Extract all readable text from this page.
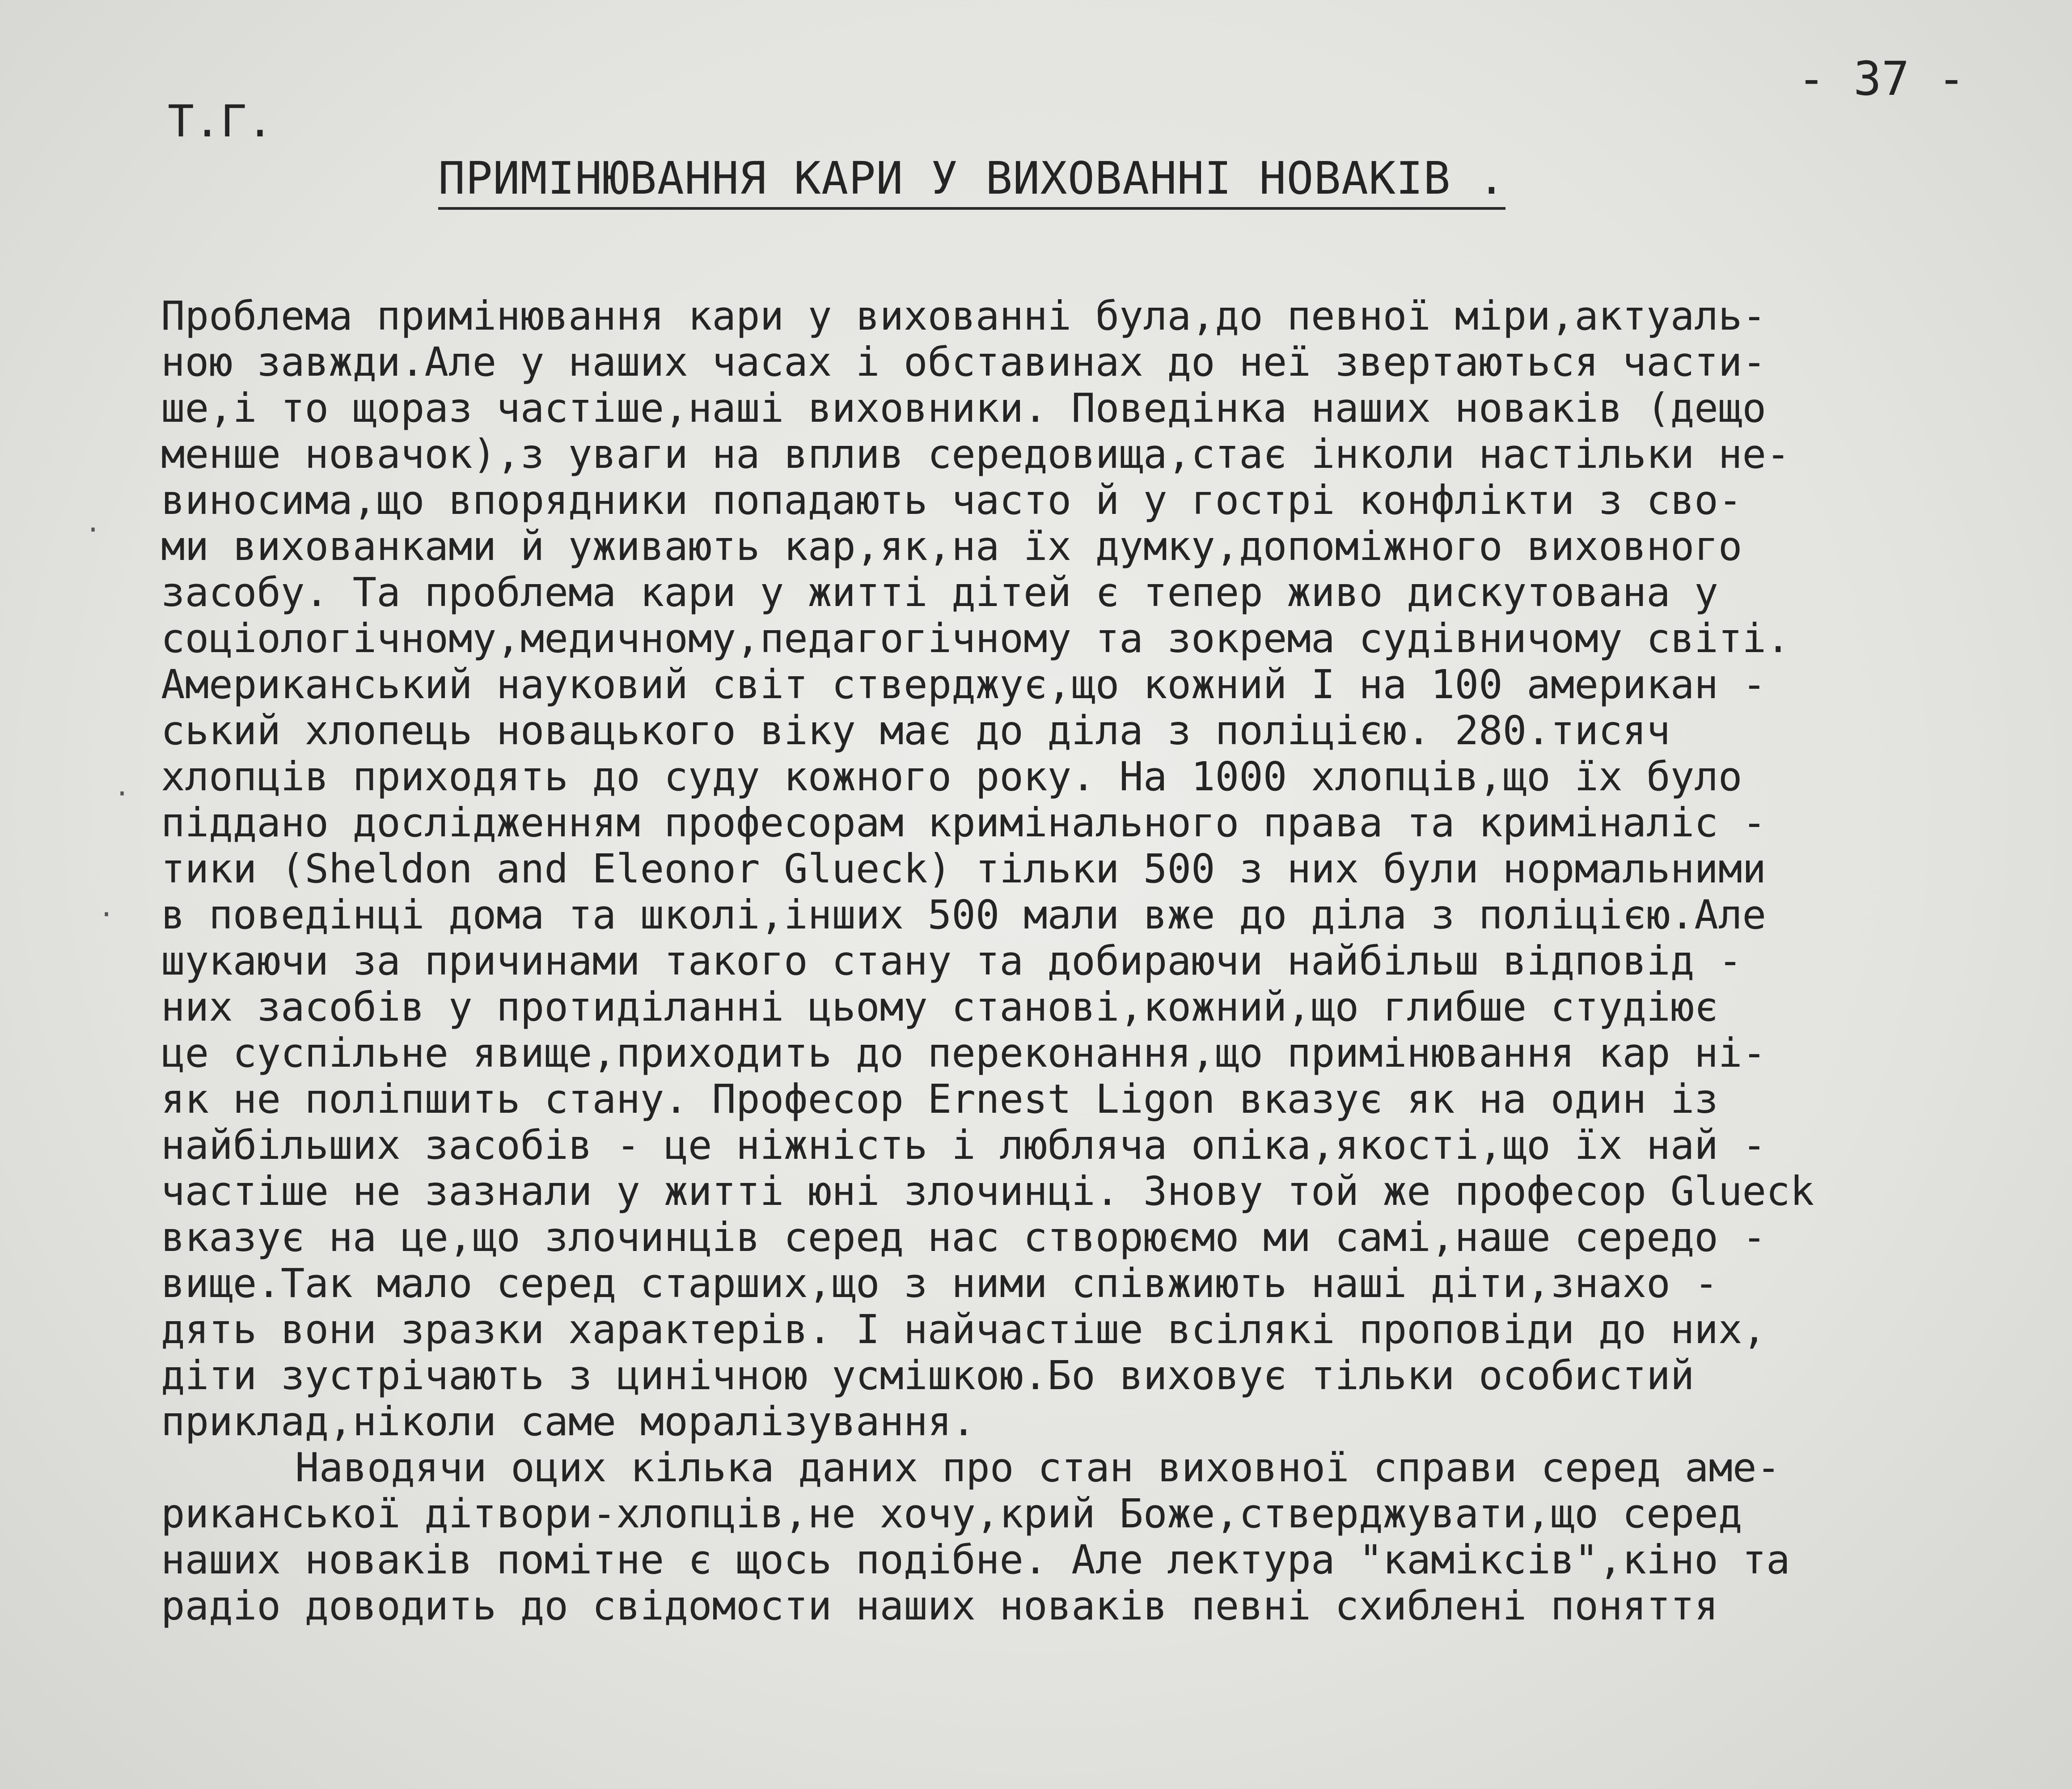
Т.Г.
- 37 -
ПРИМІНЮВАННЯ КАРИ У ВИХОВАННІ НОВАКІВ .
·
·
·
Проблема примінювання кари у вихованні була,до певної міри,актуаль-
ною завжди.Але у наших часах і обставинах до неї звертаються части-
ше,і то щораз частіше,наші виховники. Поведінка наших новаків (дещо
менше новачок),з уваги на вплив середовища,стає інколи настільки не-
виносима,що впорядники попадають часто й у гострі конфлікти з сво-
ми вихованками й уживають кар,як,на їх думку,допоміжного виховного
засобу. Та проблема кари у житті дітей є тепер живо дискутована у
соціологічному,медичному,педагогічному та зокрема судівничому світі.
Американський науковий світ стверджує,що кожний І на 100 американ -
ський хлопець новацького віку має до діла з поліцією. 280.тисяч
хлопців приходять до суду кожного року. На 1000 хлопців,що їх було
піддано дослідженням професорам кримінального права та криміналіс -
тики (Sheldon and Eleonor Glueck) тільки 500 з них були нормальними
в поведінці дома та школі,інших 500 мали вже до діла з поліцією.Але
шукаючи за причинами такого стану та добираючи найбільш відповід -
них засобів у протиділанні цьому станові,кожний,що глибше студіює
це суспільне явище,приходить до переконання,що примінювання кар ні-
як не поліпшить стану. Професор Ernest Ligon вказує як на один із
найбільших засобів - це ніжність і любляча опіка,якості,що їх най -
частіше не зазнали у житті юні злочинці. Знову той же професор Glueck
вказує на це,що злочинців серед нас створюємо ми самі,наше середо -
вище.Так мало серед старших,що з ними співжиють наші діти,знахо -
дять вони зразки характерів. І найчастіше всілякі проповіди до них,
діти зустрічають з цинічною усмішкою.Бо виховує тільки особистий
приклад,ніколи саме моралізування.
Наводячи оцих кілька даних про стан виховної справи серед аме-
риканської дітвори-хлопців,не хочу,крий Боже,стверджувати,що серед
наших новаків помітне є щось подібне. Але лектура "каміксів",кіно та
радіо доводить до свідомости наших новаків певні схиблені поняття
